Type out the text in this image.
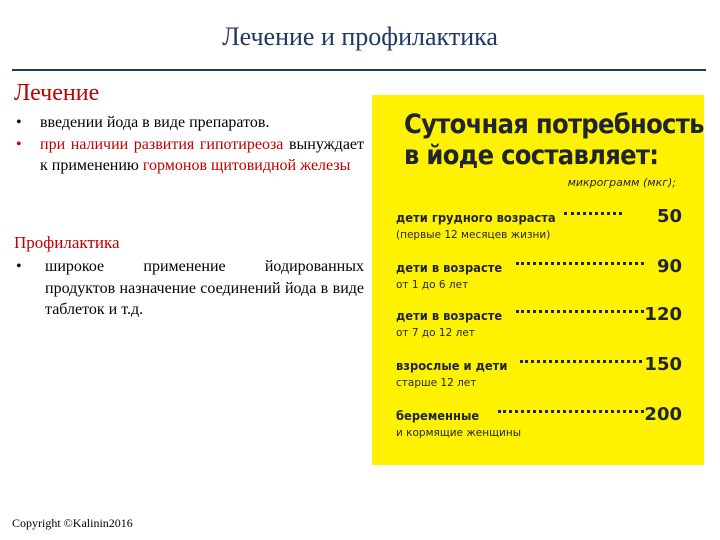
Лечение и профилактика
Лечение
• введении йода в виде препаратов.
• при наличии развития гипотиреоза вынуждает к применению гормонов щитовидной железы
Профилактика
• широкое применение йодированных продуктов назначение соединений йода в виде таблеток и т.д.
Copyright ©Kalinin2016
Суточная потребность
в йоде составляет:
микрограмм (мкг);
дети грудного возраста	50
(первые 12 месяцев жизни)
дети в возрасте	90
от 1 до 6 лет
дети в возрасте	120
от 7 до 12 лет
взрослые и дети	150
старше 12 лет
беременные	200
и кормящие женщины
